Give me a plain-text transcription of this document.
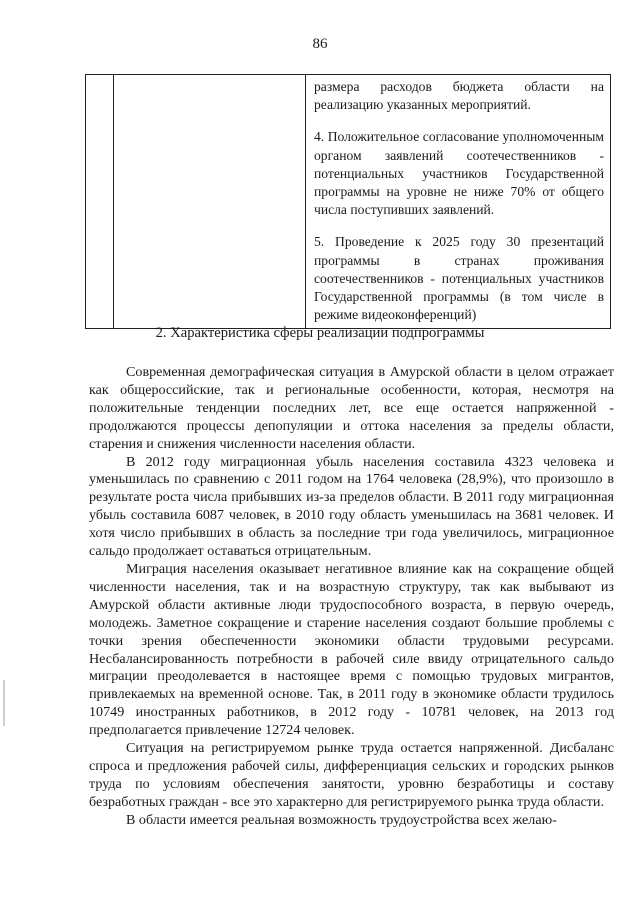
86

размера расходов бюджета области на реализацию указанных мероприятий.

4. Положительное согласование уполномоченным органом заявлений соотечественников - потенциальных участников Государственной программы на уровне не ниже 70% от общего числа поступивших заявлений.

5. Проведение к 2025 году 30 презентаций программы в странах проживания соотечественников - потенциальных участников Государственной программы (в том числе в режиме видеоконференций)

2. Характеристика сферы реализации подпрограммы

Современная демографическая ситуация в Амурской области в целом отражает как общероссийские, так и региональные особенности, которая, несмотря на положительные тенденции последних лет, все еще остается напряженной - продолжаются процессы депопуляции и оттока населения за пределы области, старения и снижения численности населения области.

В 2012 году миграционная убыль населения составила 4323 человека и уменьшилась по сравнению с 2011 годом на 1764 человека (28,9%), что произошло в результате роста числа прибывших из-за пределов области. В 2011 году миграционная убыль составила 6087 человек, в 2010 году область уменьшилась на 3681 человек. И хотя число прибывших в область за последние три года увеличилось, миграционное сальдо продолжает оставаться отрицательным.

Миграция населения оказывает негативное влияние как на сокращение общей численности населения, так и на возрастную структуру, так как выбывают из Амурской области активные люди трудоспособного возраста, в первую очередь, молодежь. Заметное сокращение и старение населения создают большие проблемы с точки зрения обеспеченности экономики области трудовыми ресурсами. Несбалансированность потребности в рабочей силе ввиду отрицательного сальдо миграции преодолевается в настоящее время с помощью трудовых мигрантов, привлекаемых на временной основе. Так, в 2011 году в экономике области трудилось 10749 иностранных работников, в 2012 году - 10781 человек, на 2013 год предполагается привлечение 12724 человек.

Ситуация на регистрируемом рынке труда остается напряженной. Дисбаланс спроса и предложения рабочей силы, дифференциация сельских и городских рынков труда по условиям обеспечения занятости, уровню безработицы и составу безработных граждан - все это характерно для регистрируемого рынка труда области.

В области имеется реальная возможность трудоустройства всех желаю-
